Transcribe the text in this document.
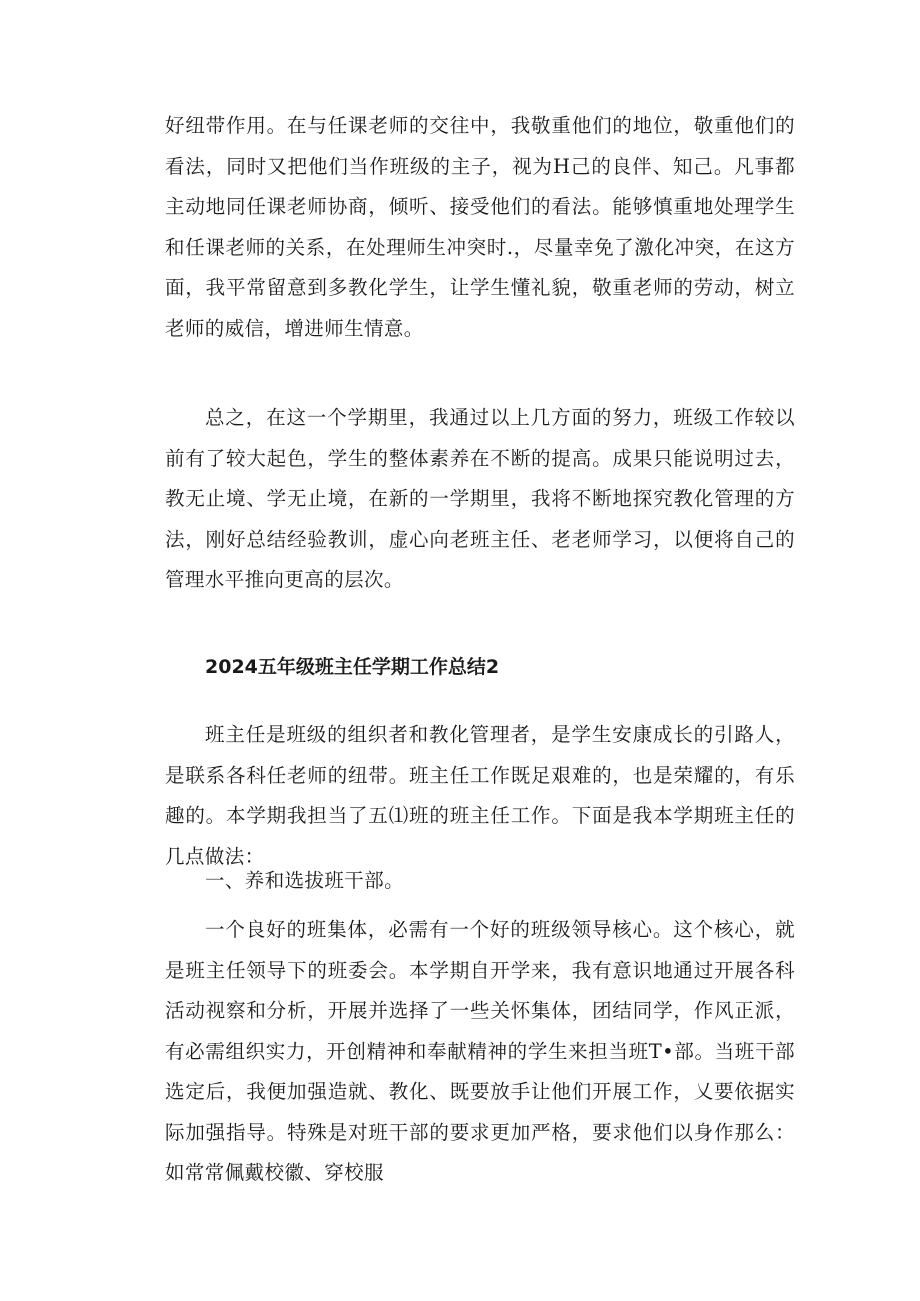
好纽带作用。在与任课老师的交往中，我敬重他们的地位，敬重他们的看法，同时又把他们当作班级的主子，视为H己的良伴、知己。凡事都主动地同任课老师协商，倾听、接受他们的看法。能够慎重地处理学生和任课老师的关系，在处理师生冲突时.，尽量幸免了激化冲突，在这方面，我平常留意到多教化学生，让学生懂礼貌，敬重老师的劳动，树立老师的威信，增进师生情意。

总之，在这一个学期里，我通过以上几方面的努力，班级工作较以前有了较大起色，学生的整体素养在不断的提高。成果只能说明过去，教无止境、学无止境，在新的一学期里，我将不断地探究教化管理的方法，刚好总结经验教训，虚心向老班主任、老老师学习，以便将自己的管理水平推向更高的层次。

2024五年级班主任学期工作总结2

班主任是班级的组织者和教化管理者，是学生安康成长的引路人，是联系各科任老师的纽带。班主任工作既足艰难的，也是荣耀的，有乐趣的。本学期我担当了五⑴班的班主任工作。下面是我本学期班主任的几点做法：

一、养和选拔班干部。

一个良好的班集体，必需有一个好的班级领导核心。这个核心，就是班主任领导下的班委会。本学期自开学来，我有意识地通过开展各科活动视察和分析，开展并选择了一些关怀集体，团结同学，作风正派，有必需组织实力，开创精神和奉献精神的学生来担当班T•部。当班干部选定后，我便加强造就、教化、既要放手让他们开展工作，乂要依据实际加强指导。特殊是对班干部的要求更加严格，要求他们以身作那么：如常常佩戴校徽、穿校服
